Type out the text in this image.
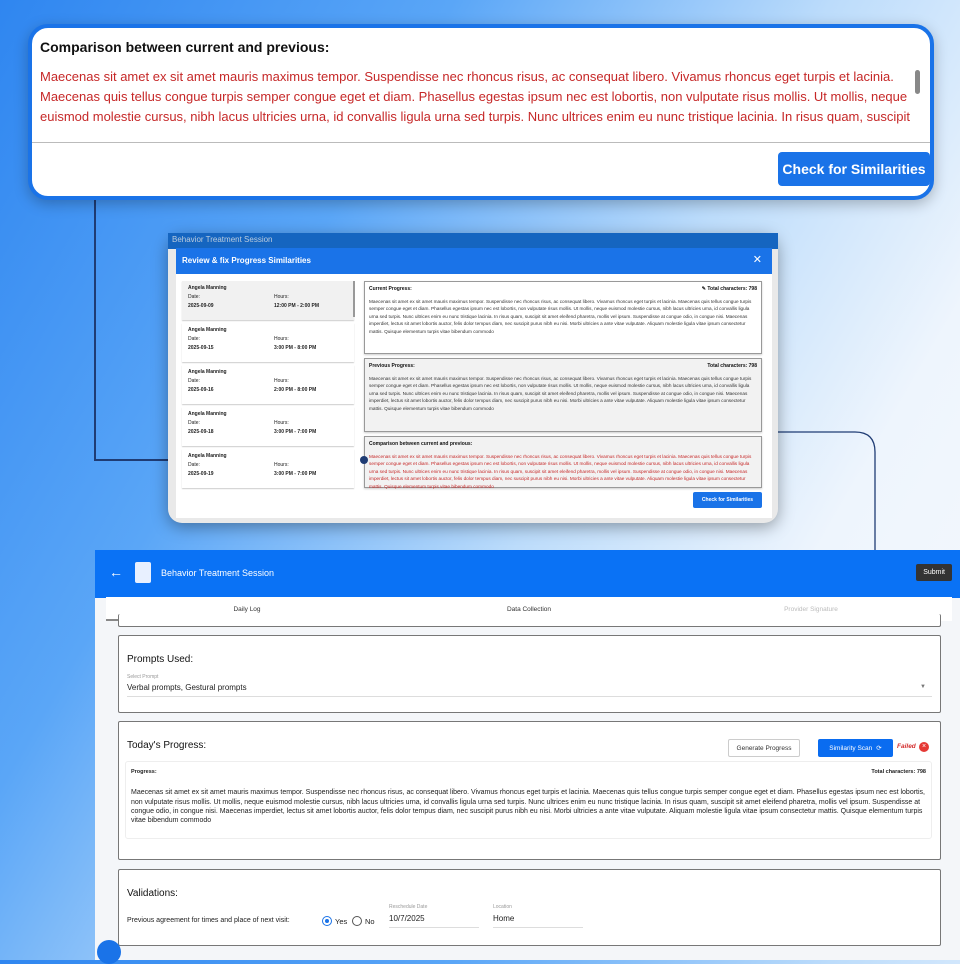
Comparison between current and previous:
Maecenas sit amet ex sit amet mauris maximus tempor. Suspendisse nec rhoncus risus, ac consequat libero. Vivamus rhoncus eget turpis et lacinia. Maecenas quis tellus congue turpis semper congue eget et diam. Phasellus egestas ipsum nec est lobortis, non vulputate risus mollis. Ut mollis, neque euismod molestie cursus, nibh lacus ultricies urna, id convallis ligula urna sed turpis. Nunc ultrices enim eu nunc tristique lacinia. In risus quam, suscipit
Check for Similarities
Behavior Treatment Session
Review & fix Progress Similarities	✕
Angela Manning
Date:
2025-09-09
Hours:
12:00 PM - 2:00 PM
Angela Manning
Date:
2025-09-15
Hours:
3:00 PM - 8:00 PM
Angela Manning
Date:
2025-09-16
Hours:
2:00 PM - 8:00 PM
Angela Manning
Date:
2025-09-18
Hours:
3:00 PM - 7:00 PM
Angela Manning
Date:
2025-09-19
Hours:
3:00 PM - 7:00 PM
Current Progress:	✎ Total characters: 798
Maecenas sit amet ex sit amet mauris maximus tempor. Suspendisse nec rhoncus risus, ac consequat libero. Vivamus rhoncus eget turpis et lacinia. Maecenas quis tellus congue turpis semper congue eget et diam. Phasellus egestas ipsum nec est lobortis, non vulputate risus mollis. Ut mollis, neque euismod molestie cursus, nibh lacus ultricies urna, id convallis ligula urna sed turpis. Nunc ultrices enim eu nunc tristique lacinia. In risus quam, suscipit sit amet eleifend pharetra, mollis vel ipsum. Suspendisse at congue odio, in congue nisi. Maecenas imperdiet, lectus sit amet lobortis auctor, felis dolor tempus diam, nec suscipit purus nibh eu nisi. Morbi ultricies a ante vitae vulputate. Aliquam molestie ligula vitae ipsum consectetur mattis. Quisque elementum turpis vitae bibendum commodo
Previous Progress:	Total characters: 798
Maecenas sit amet ex sit amet mauris maximus tempor. Suspendisse nec rhoncus risus, ac consequat libero. Vivamus rhoncus eget turpis et lacinia. Maecenas quis tellus congue turpis semper congue eget et diam. Phasellus egestas ipsum nec est lobortis, non vulputate risus mollis. Ut mollis, neque euismod molestie cursus, nibh lacus ultricies urna, id convallis ligula urna sed turpis. Nunc ultrices enim eu nunc tristique lacinia. In risus quam, suscipit sit amet eleifend pharetra, mollis vel ipsum. Suspendisse at congue odio, in congue nisi. Maecenas imperdiet, lectus sit amet lobortis auctor, felis dolor tempus diam, nec suscipit purus nibh eu nisi. Morbi ultricies a ante vitae vulputate. Aliquam molestie ligula vitae ipsum consectetur mattis. Quisque elementum turpis vitae bibendum commodo
Comparison between current and previous:
Maecenas sit amet ex sit amet mauris maximus tempor. Suspendisse nec rhoncus risus, ac consequat libero. Vivamus rhoncus eget turpis et lacinia. Maecenas quis tellus congue turpis semper congue eget et diam. Phasellus egestas ipsum nec est lobortis, non vulputate risus mollis. Ut mollis, neque euismod molestie cursus, nibh lacus ultricies urna, id convallis ligula urna sed turpis. Nunc ultrices enim eu nunc tristique lacinia. In risus quam, suscipit sit amet eleifend pharetra, mollis vel ipsum. Suspendisse at congue odio, in congue nisi. Maecenas imperdiet, lectus sit amet lobortis auctor, felis dolor tempus diam, nec suscipit purus nibh eu nisi. Morbi ultricies a ante vitae vulputate. Aliquam molestie ligula vitae ipsum consectetur mattis. Quisque elementum turpis vitae bibendum commodo
Check for Similarities
←	Behavior Treatment Session	Submit
Daily Log	Data Collection	Provider Signature
Prompts Used:
Select Prompt
Verbal prompts, Gestural prompts	▼
Today's Progress:	Generate Progress	Similarity Scan ⟳ Failed ×
Progress:	Total characters: 798
Maecenas sit amet ex sit amet mauris maximus tempor. Suspendisse nec rhoncus risus, ac consequat libero. Vivamus rhoncus eget turpis et lacinia. Maecenas quis tellus congue turpis semper congue eget et diam. Phasellus egestas ipsum nec est lobortis, non vulputate risus mollis. Ut mollis, neque euismod molestie cursus, nibh lacus ultricies urna, id convallis ligula urna sed turpis. Nunc ultrices enim eu nunc tristique lacinia. In risus quam, suscipit sit amet eleifend pharetra, mollis vel ipsum. Suspendisse at congue odio, in congue nisi. Maecenas imperdiet, lectus sit amet lobortis auctor, felis dolor tempus diam, nec suscipit purus nibh eu nisi. Morbi ultricies a ante vitae vulputate. Aliquam molestie ligula vitae ipsum consectetur mattis. Quisque elementum turpis vitae bibendum commodo
Validations:
Previous agreement for times and place of next visit:	Yes No
Reschedule Date
10/7/2025
Location
Home
